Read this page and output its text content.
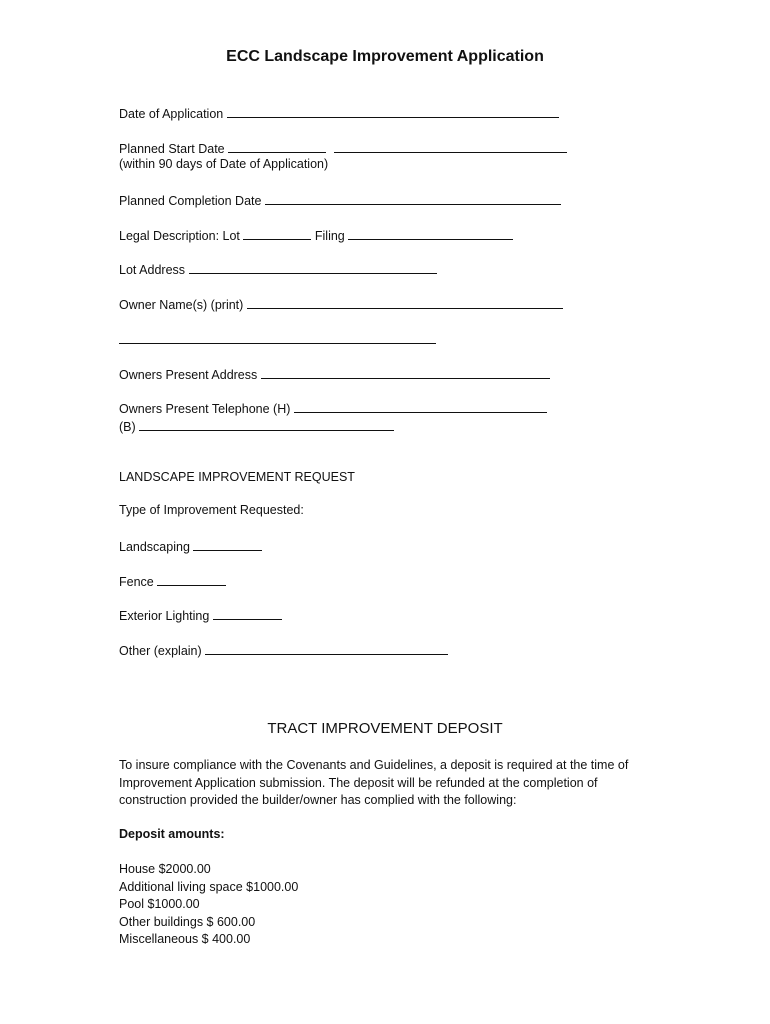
ECC Landscape Improvement Application
Date of Application
Planned Start Date
(within 90 days of Date of Application)
Planned Completion Date
Legal Description: Lot	Filing
Lot Address
Owner Name(s) (print)
Owners Present Address
Owners Present Telephone (H)
(B)
LANDSCAPE IMPROVEMENT REQUEST
Type of Improvement Requested:
Landscaping
Fence
Exterior Lighting
Other (explain)
TRACT IMPROVEMENT DEPOSIT
To insure compliance with the Covenants and Guidelines, a deposit is required at the time of Improvement Application submission. The deposit will be refunded at the completion of construction provided the builder/owner has complied with the following:
Deposit amounts:
House $2000.00
Additional living space $1000.00
Pool $1000.00
Other buildings $ 600.00
Miscellaneous $ 400.00
